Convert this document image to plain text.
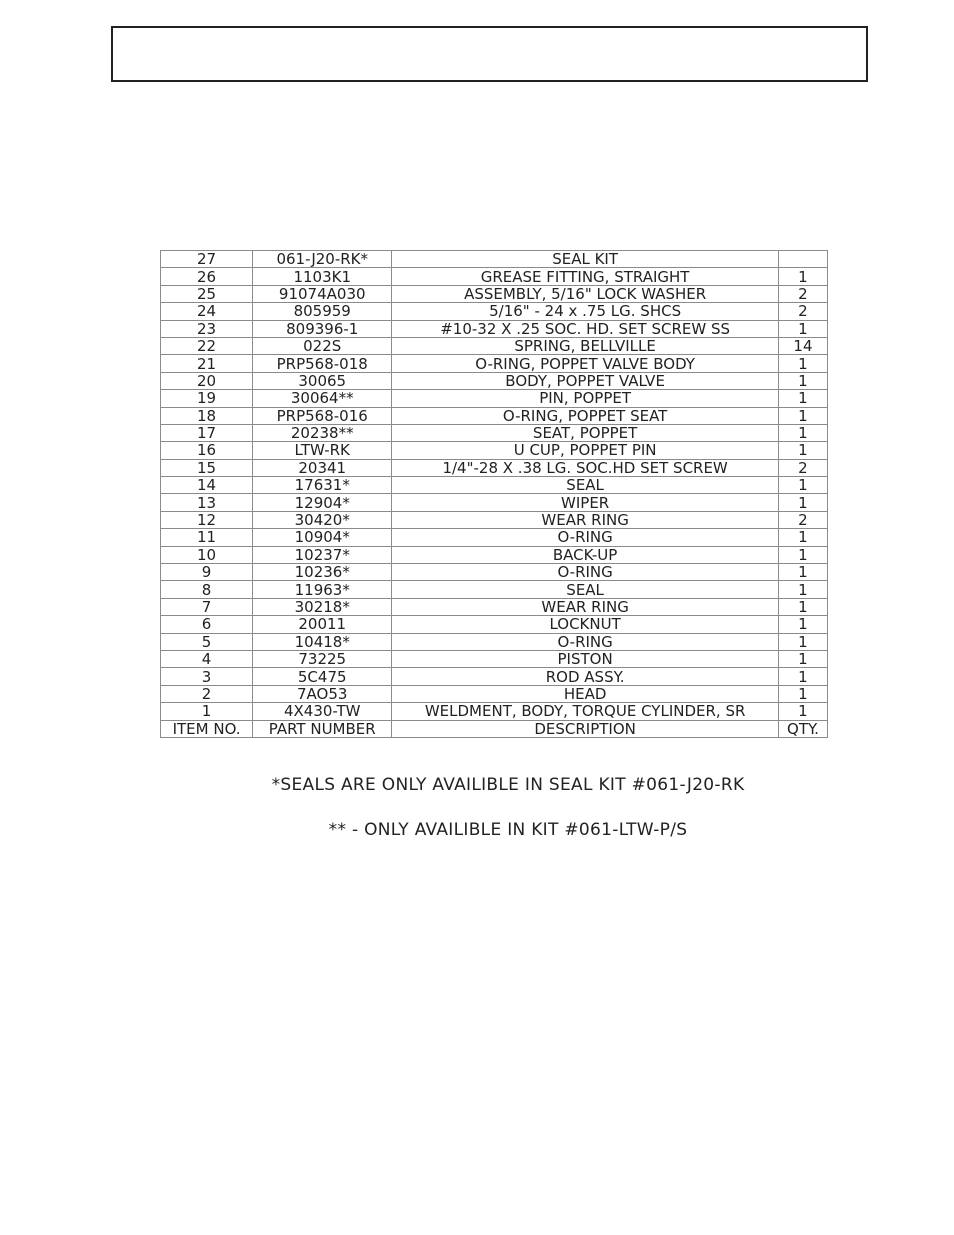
27	061-J20-RK*	SEAL KIT	
26	1103K1	GREASE FITTING, STRAIGHT	1
25	91074A030	ASSEMBLY, 5/16" LOCK WASHER	2
24	805959	5/16" - 24 x .75 LG. SHCS	2
23	809396-1	#10-32 X .25 SOC. HD. SET SCREW SS	1
22	022S	SPRING, BELLVILLE	14
21	PRP568-018	O-RING, POPPET VALVE BODY	1
20	30065	BODY, POPPET VALVE	1
19	30064**	PIN, POPPET	1
18	PRP568-016	O-RING, POPPET SEAT	1
17	20238**	SEAT, POPPET	1
16	LTW-RK	U CUP, POPPET PIN	1
15	20341	1/4"-28 X .38 LG. SOC.HD SET SCREW	2
14	17631*	SEAL	1
13	12904*	WIPER	1
12	30420*	WEAR RING	2
11	10904*	O-RING	1
10	10237*	BACK-UP	1
9	10236*	O-RING	1
8	11963*	SEAL	1
7	30218*	WEAR RING	1
6	20011	LOCKNUT	1
5	10418*	O-RING	1
4	73225	PISTON	1
3	5C475	ROD ASSY.	1
2	7AO53	HEAD	1
1	4X430-TW	WELDMENT, BODY, TORQUE CYLINDER, SR	1
ITEM NO.	PART NUMBER	DESCRIPTION	QTY.
*SEALS ARE ONLY AVAILIBLE IN SEAL KIT #061-J20-RK
** - ONLY AVAILIBLE IN KIT #061-LTW-P/S
